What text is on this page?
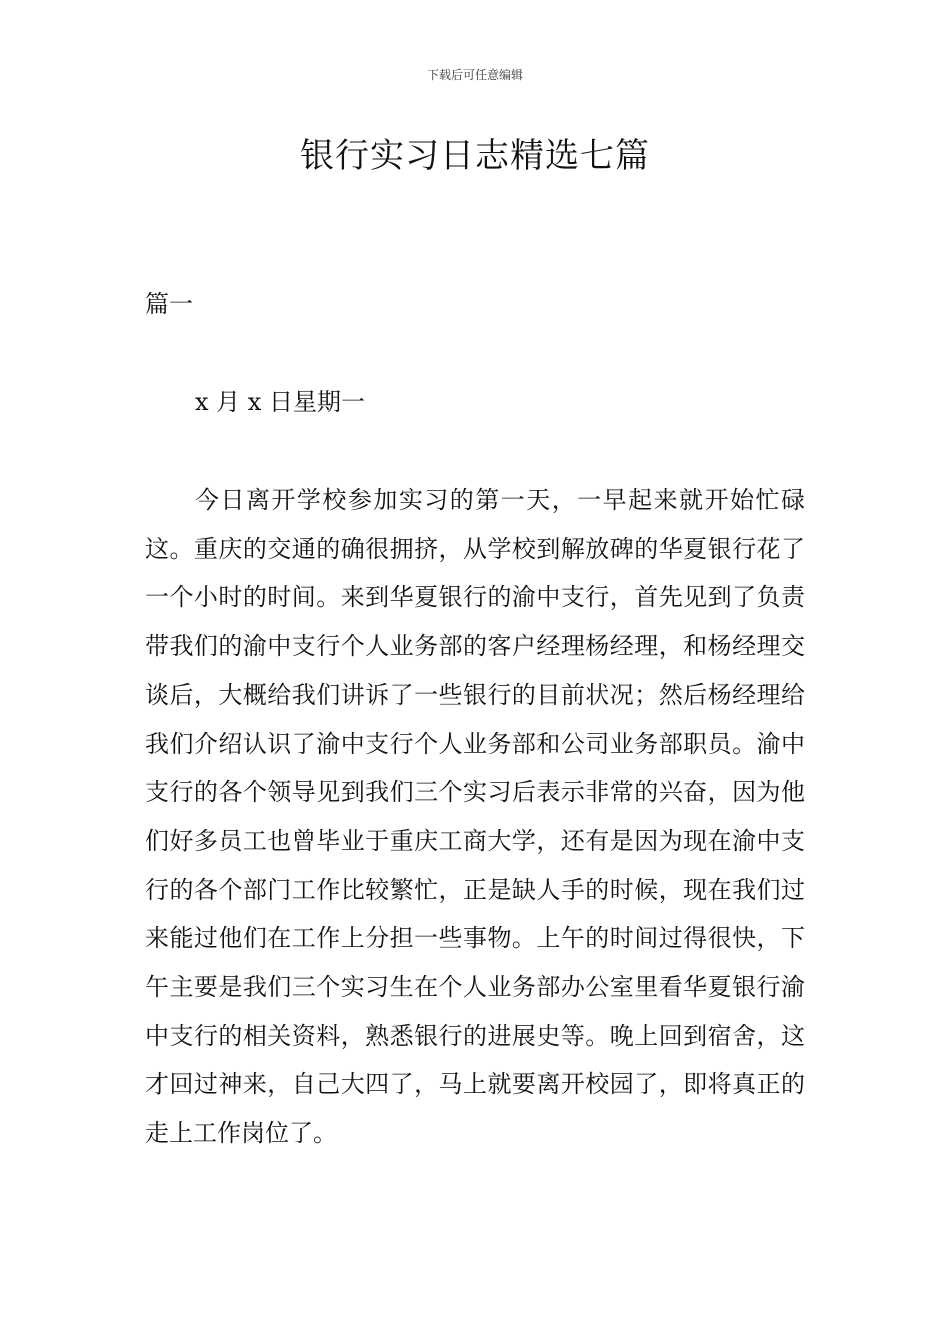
下载后可任意编辑
银行实习日志精选七篇
篇一
x 月 x 日星期一

今日离开学校参加实习的第一天，一早起来就开始忙碌这。重庆的交通的确很拥挤，从学校到解放碑的华夏银行花了一个小时的时间。来到华夏银行的渝中支行，首先见到了负责带我们的渝中支行个人业务部的客户经理杨经理，和杨经理交谈后，大概给我们讲诉了一些银行的目前状况；然后杨经理给我们介绍认识了渝中支行个人业务部和公司业务部职员。渝中支行的各个领导见到我们三个实习后表示非常的兴奋，因为他们好多员工也曾毕业于重庆工商大学，还有是因为现在渝中支行的各个部门工作比较繁忙，正是缺人手的时候，现在我们过来能过他们在工作上分担一些事物。上午的时间过得很快，下午主要是我们三个实习生在个人业务部办公室里看华夏银行渝中支行的相关资料，熟悉银行的进展史等。晚上回到宿舍，这才回过神来，自己大四了，马上就要离开校园了，即将真正的走上工作岗位了。
